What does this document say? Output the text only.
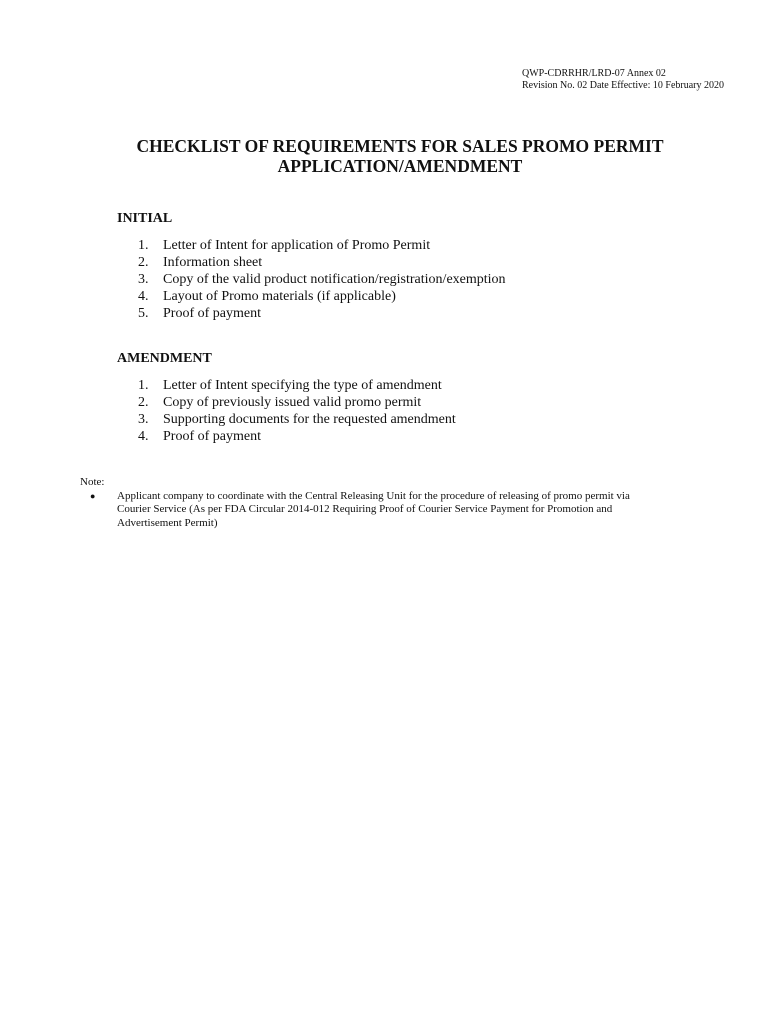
QWP-CDRRHR/LRD-07 Annex 02
Revision No. 02 Date Effective: 10 February 2020
CHECKLIST OF REQUIREMENTS FOR SALES PROMO PERMIT
APPLICATION/AMENDMENT
INITIAL
1.	Letter of Intent for application of Promo Permit
2.	Information sheet
3.	Copy of the valid product notification/registration/exemption
4.	Layout of Promo materials (if applicable)
5.	Proof of payment
AMENDMENT
1.	Letter of Intent specifying the type of amendment
2.	Copy of previously issued valid promo permit
3.	Supporting documents for the requested amendment
4.	Proof of payment
Note:
●	Applicant company to coordinate with the Central Releasing Unit for the procedure of releasing of promo permit via
Courier Service (As per FDA Circular 2014-012 Requiring Proof of Courier Service Payment for Promotion and
Advertisement Permit)
